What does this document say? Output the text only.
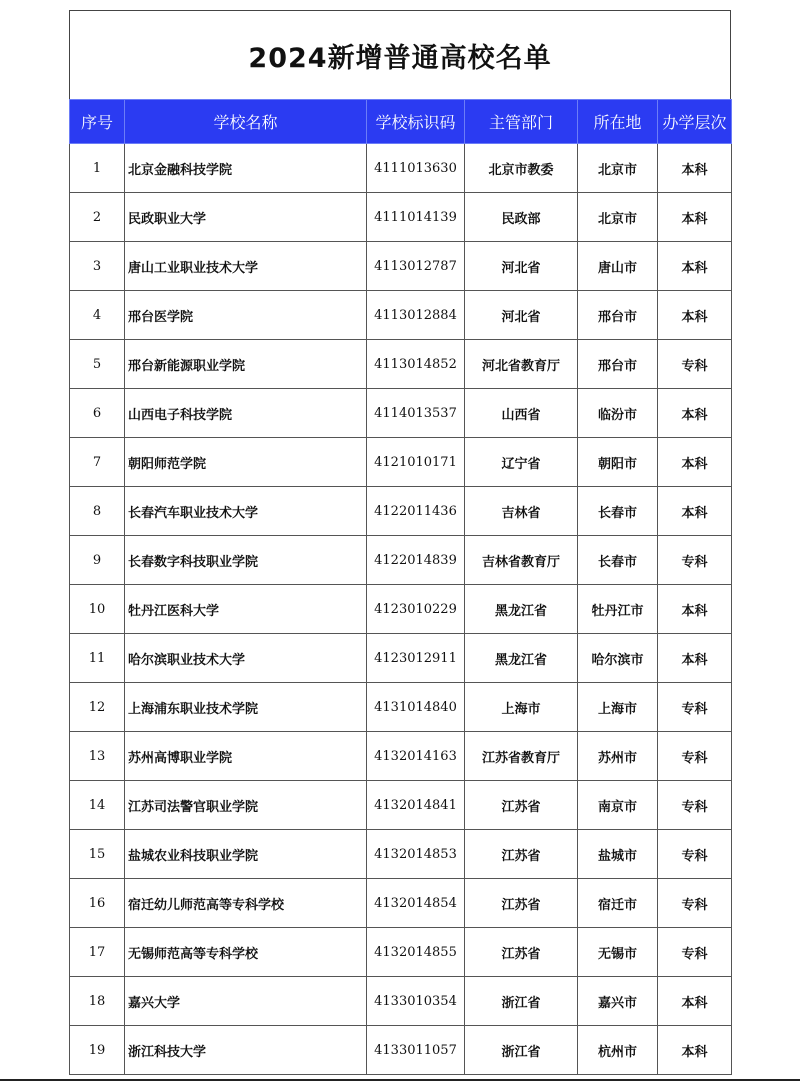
2024新增普通高校名单
序号	学校名称	学校标识码	主管部门	所在地	办学层次
1	北京金融科技学院	4111013630	北京市教委	北京市	本科
2	民政职业大学	4111014139	民政部	北京市	本科
3	唐山工业职业技术大学	4113012787	河北省	唐山市	本科
4	邢台医学院	4113012884	河北省	邢台市	本科
5	邢台新能源职业学院	4113014852	河北省教育厅	邢台市	专科
6	山西电子科技学院	4114013537	山西省	临汾市	本科
7	朝阳师范学院	4121010171	辽宁省	朝阳市	本科
8	长春汽车职业技术大学	4122011436	吉林省	长春市	本科
9	长春数字科技职业学院	4122014839	吉林省教育厅	长春市	专科
10	牡丹江医科大学	4123010229	黑龙江省	牡丹江市	本科
11	哈尔滨职业技术大学	4123012911	黑龙江省	哈尔滨市	本科
12	上海浦东职业技术学院	4131014840	上海市	上海市	专科
13	苏州高博职业学院	4132014163	江苏省教育厅	苏州市	专科
14	江苏司法警官职业学院	4132014841	江苏省	南京市	专科
15	盐城农业科技职业学院	4132014853	江苏省	盐城市	专科
16	宿迁幼儿师范高等专科学校	4132014854	江苏省	宿迁市	专科
17	无锡师范高等专科学校	4132014855	江苏省	无锡市	专科
18	嘉兴大学	4133010354	浙江省	嘉兴市	本科
19	浙江科技大学	4133011057	浙江省	杭州市	本科
